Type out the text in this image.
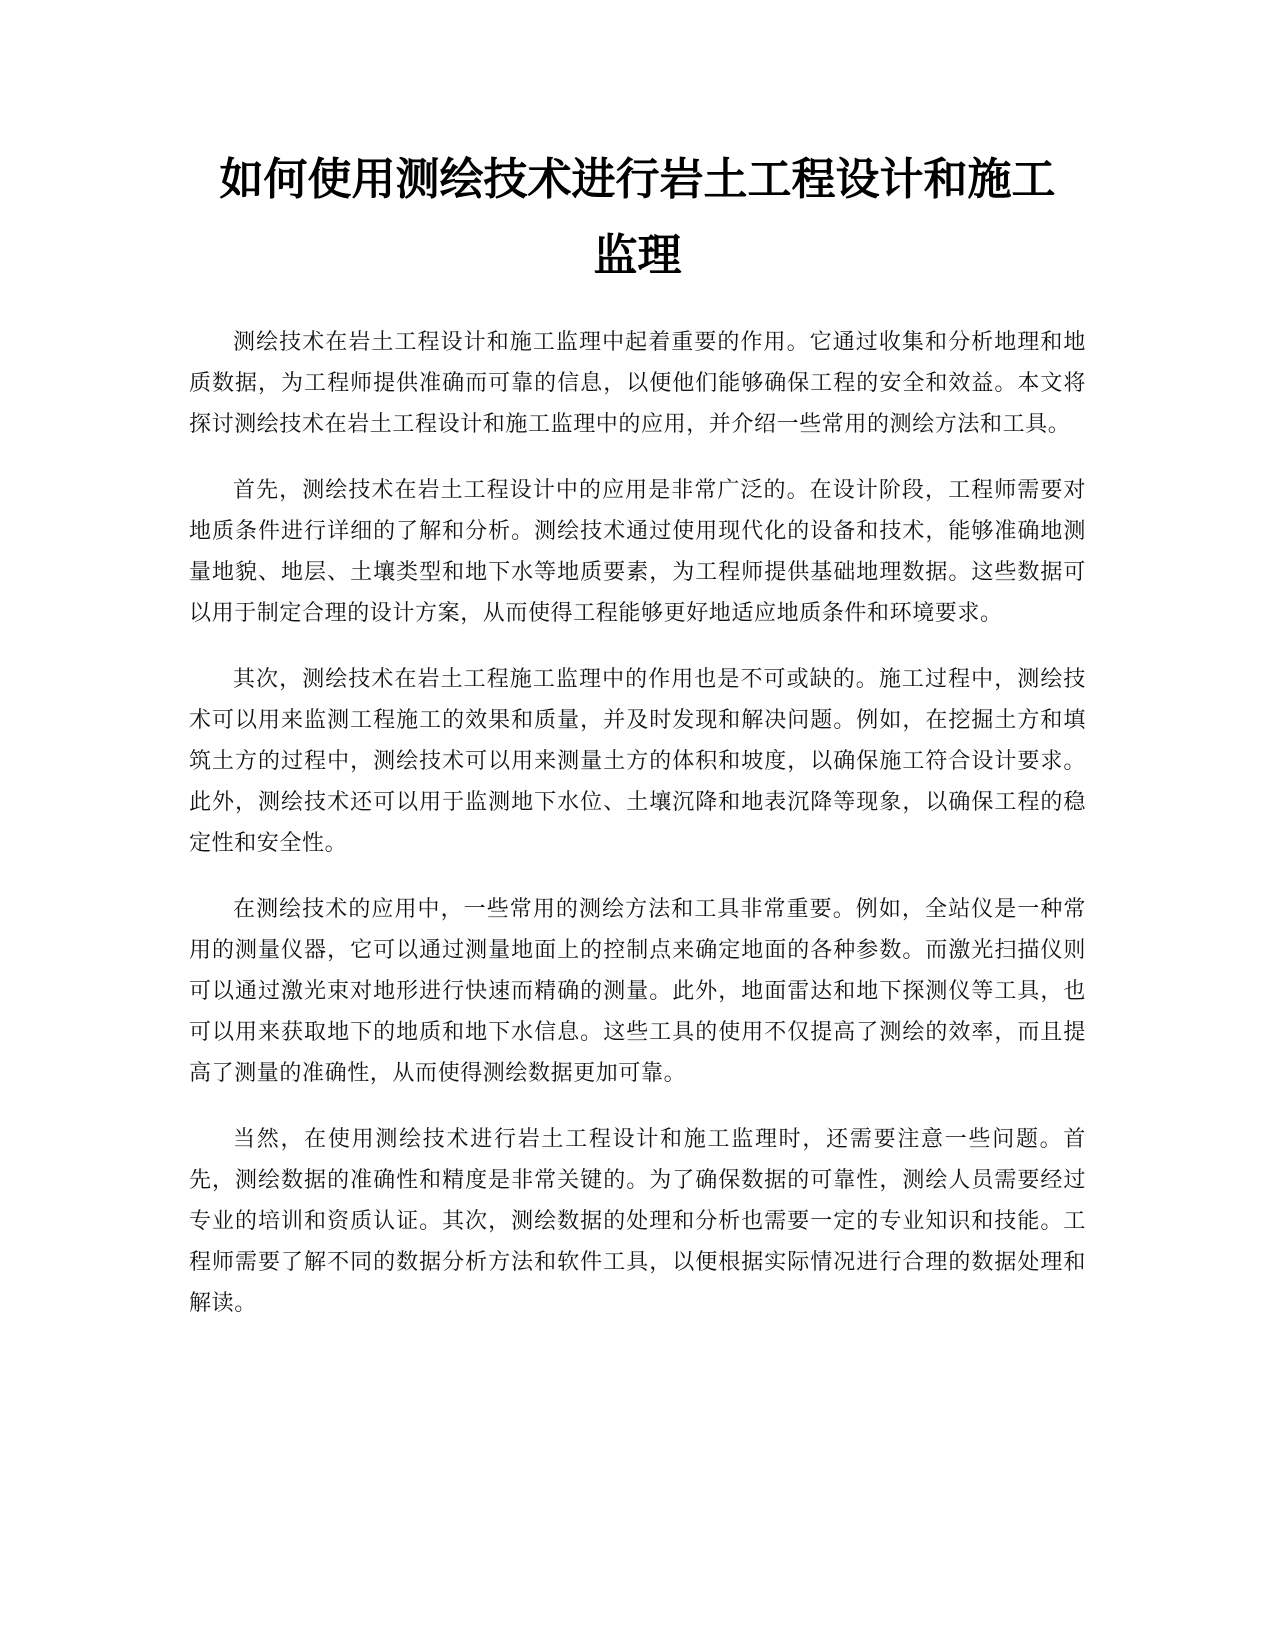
如何使用测绘技术进行岩土工程设计和施工
监理

测绘技术在岩土工程设计和施工监理中起着重要的作用。它通过收集和分析地理和地质数据，为工程师提供准确而可靠的信息，以便他们能够确保工程的安全和效益。本文将探讨测绘技术在岩土工程设计和施工监理中的应用，并介绍一些常用的测绘方法和工具。

首先，测绘技术在岩土工程设计中的应用是非常广泛的。在设计阶段，工程师需要对地质条件进行详细的了解和分析。测绘技术通过使用现代化的设备和技术，能够准确地测量地貌、地层、土壤类型和地下水等地质要素，为工程师提供基础地理数据。这些数据可以用于制定合理的设计方案，从而使得工程能够更好地适应地质条件和环境要求。

其次，测绘技术在岩土工程施工监理中的作用也是不可或缺的。施工过程中，测绘技术可以用来监测工程施工的效果和质量，并及时发现和解决问题。例如，在挖掘土方和填筑土方的过程中，测绘技术可以用来测量土方的体积和坡度，以确保施工符合设计要求。此外，测绘技术还可以用于监测地下水位、土壤沉降和地表沉降等现象，以确保工程的稳定性和安全性。

在测绘技术的应用中，一些常用的测绘方法和工具非常重要。例如，全站仪是一种常用的测量仪器，它可以通过测量地面上的控制点来确定地面的各种参数。而激光扫描仪则可以通过激光束对地形进行快速而精确的测量。此外，地面雷达和地下探测仪等工具，也可以用来获取地下的地质和地下水信息。这些工具的使用不仅提高了测绘的效率，而且提高了测量的准确性，从而使得测绘数据更加可靠。

当然，在使用测绘技术进行岩土工程设计和施工监理时，还需要注意一些问题。首先，测绘数据的准确性和精度是非常关键的。为了确保数据的可靠性，测绘人员需要经过专业的培训和资质认证。其次，测绘数据的处理和分析也需要一定的专业知识和技能。工程师需要了解不同的数据分析方法和软件工具，以便根据实际情况进行合理的数据处理和解读。
